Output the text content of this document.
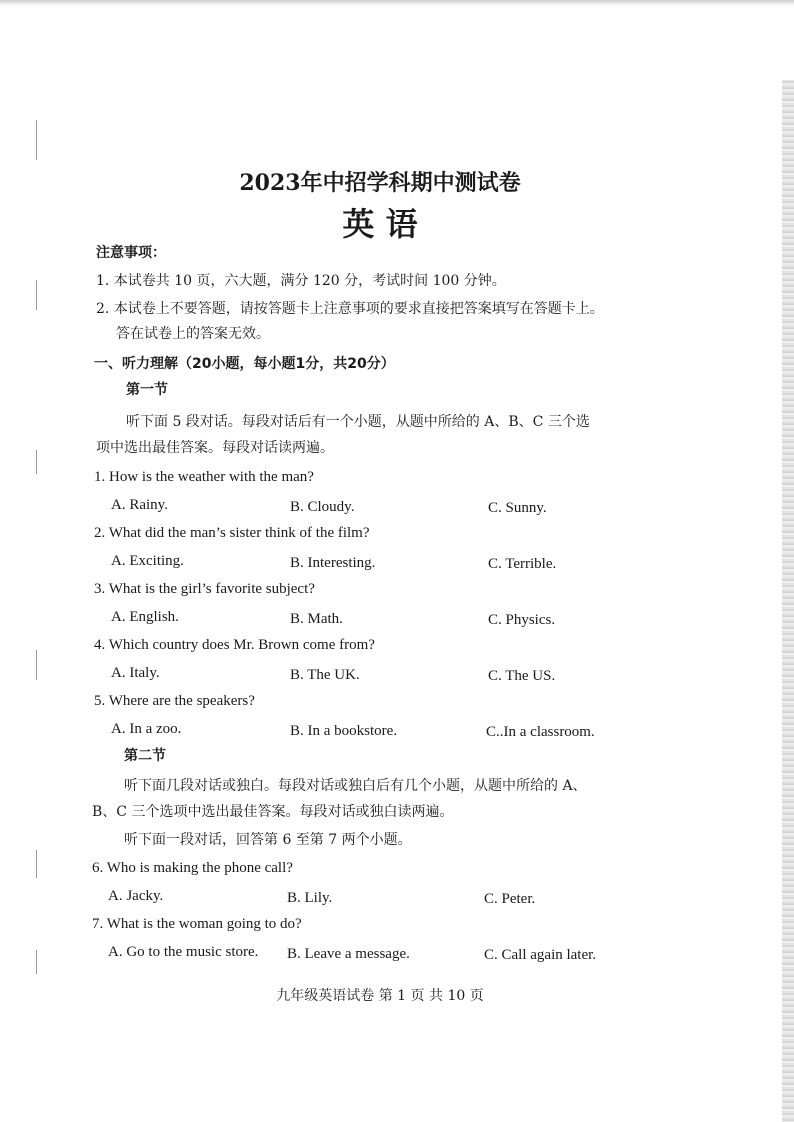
2023年中招学科期中测试卷
英 语
注意事项：
1. 本试卷共 10 页，六大题，满分 120 分，考试时间 100 分钟。
2. 本试卷上不要答题，请按答题卡上注意事项的要求直接把答案填写在答题卡上。
答在试卷上的答案无效。
一、听力理解（20小题，每小题1分，共20分）
第一节
听下面 5 段对话。每段对话后有一个小题，从题中所给的 A、B、C 三个选
项中选出最佳答案。每段对话读两遍。
1. How is the weather with the man?
A. Rainy.	B. Cloudy.	C. Sunny.
2. What did the man’s sister think of the film?
A. Exciting.	B. Interesting.	C. Terrible.
3. What is the girl’s favorite subject?
A. English.	B. Math.	C. Physics.
4. Which country does Mr. Brown come from?
A. Italy.	B. The UK.	C. The US.
5. Where are the speakers?
A. In a zoo.	B. In a bookstore.	C..In a classroom.
第二节
听下面几段对话或独白。每段对话或独白后有几个小题，从题中所给的 A、
B、C 三个选项中选出最佳答案。每段对话或独白读两遍。
听下面一段对话，回答第 6 至第 7 两个小题。
6. Who is making the phone call?
A. Jacky.	B. Lily.	C. Peter.
7. What is the woman going to do?
A. Go to the music store. B. Leave a message.	C. Call again later.
九年级英语试卷 第 1 页 共 10 页
